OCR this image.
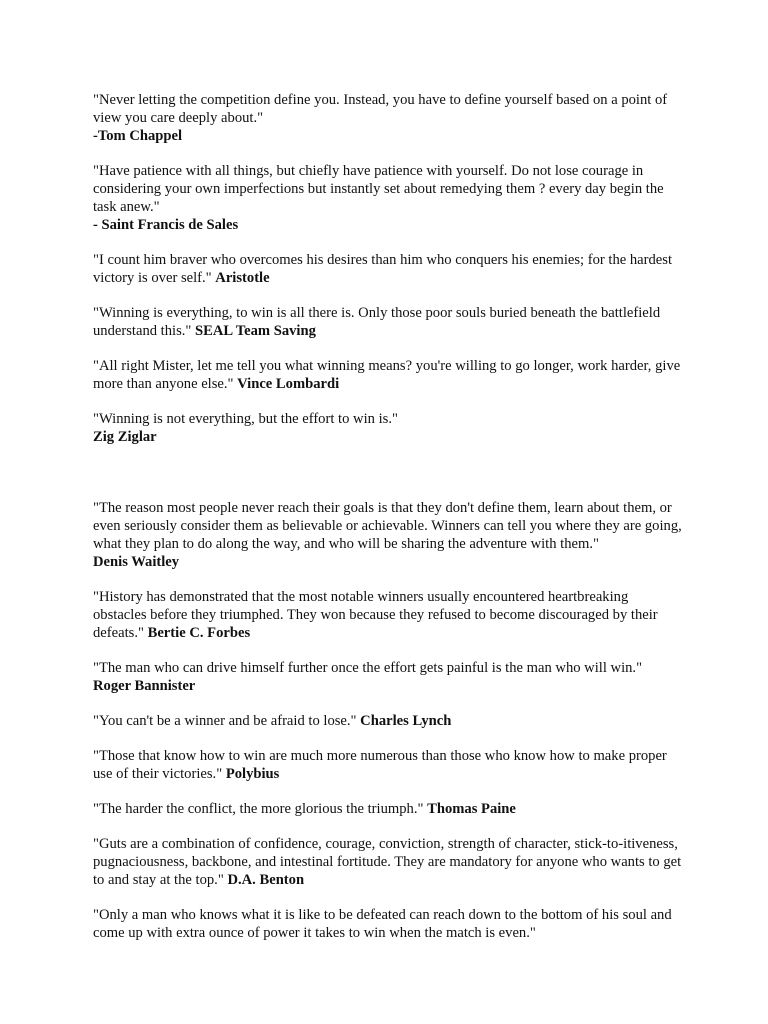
"Never letting the competition define you. Instead, you have to define yourself based on a point of view you care deeply about."
-Tom Chappel

"Have patience with all things, but chiefly have patience with yourself. Do not lose courage in considering your own imperfections but instantly set about remedying them ? every day begin the task anew."
- Saint Francis de Sales

"I count him braver who overcomes his desires than him who conquers his enemies; for the hardest victory is over self." Aristotle

"Winning is everything, to win is all there is. Only those poor souls buried beneath the battlefield understand this." SEAL Team Saving

"All right Mister, let me tell you what winning means? you're willing to go longer, work harder, give more than anyone else." Vince Lombardi

"Winning is not everything, but the effort to win is."
Zig Ziglar

"The reason most people never reach their goals is that they don't define them, learn about them, or even seriously consider them as believable or achievable. Winners can tell you where they are going, what they plan to do along the way, and who will be sharing the adventure with them."
Denis Waitley

"History has demonstrated that the most notable winners usually encountered heartbreaking obstacles before they triumphed. They won because they refused to become discouraged by their defeats." Bertie C. Forbes

"The man who can drive himself further once the effort gets painful is the man who will win."
Roger Bannister

"You can't be a winner and be afraid to lose." Charles Lynch

"Those that know how to win are much more numerous than those who know how to make proper use of their victories." Polybius

"The harder the conflict, the more glorious the triumph." Thomas Paine

"Guts are a combination of confidence, courage, conviction, strength of character, stick-to-itiveness, pugnaciousness, backbone, and intestinal fortitude. They are mandatory for anyone who wants to get to and stay at the top." D.A. Benton

"Only a man who knows what it is like to be defeated can reach down to the bottom of his soul and come up with extra ounce of power it takes to win when the match is even."
